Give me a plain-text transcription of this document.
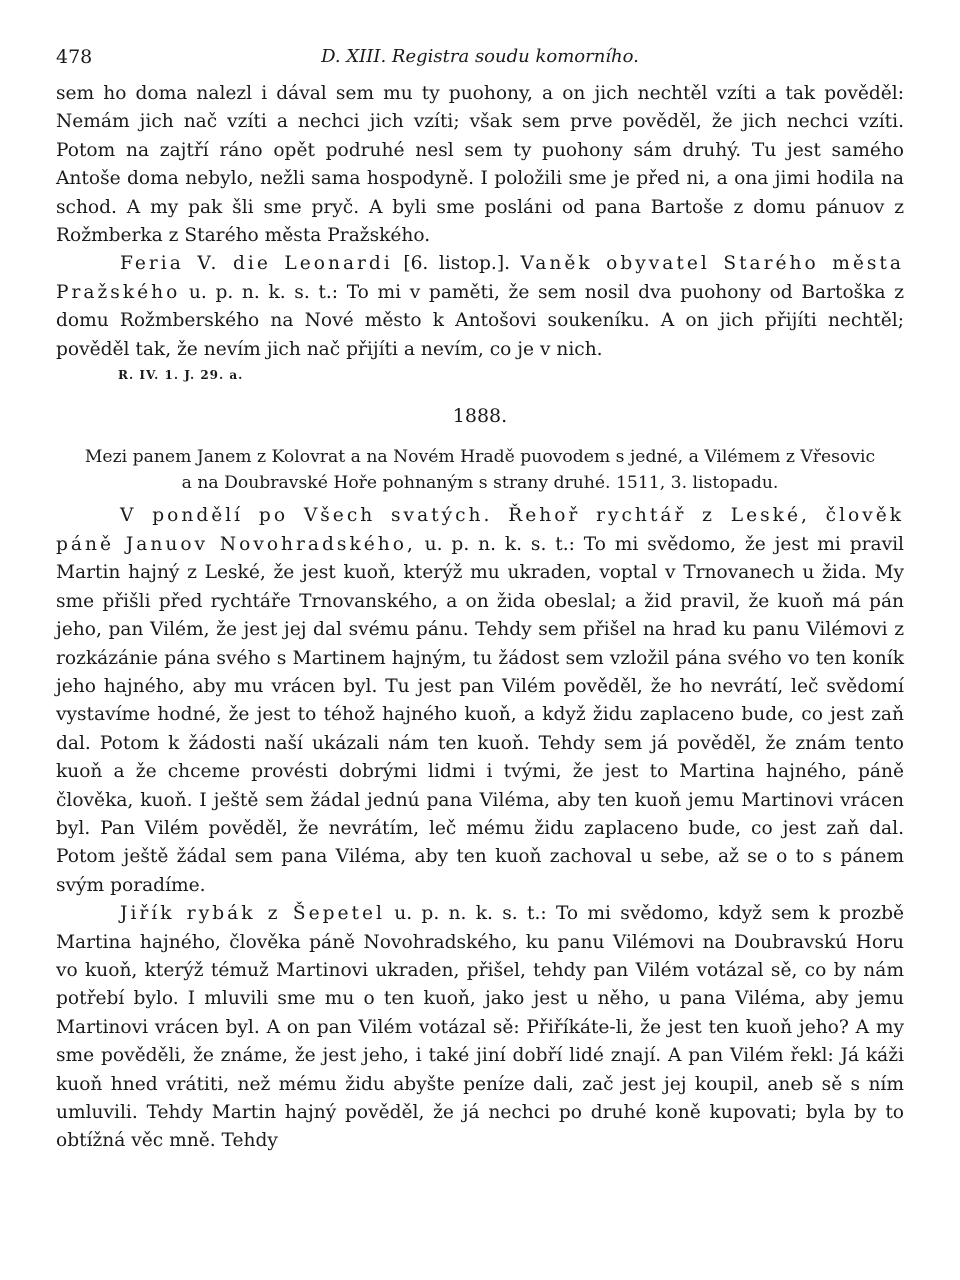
478	D. XIII. Registra soudu komorního.

sem ho doma nalezl i dával sem mu ty puohony, a on jich nechtěl vzíti a tak pověděl: Nemám jich nač vzíti a nechci jich vzíti; však sem prve pověděl, že jich nechci vzíti. Potom na zajtří ráno opět podruhé nesl sem ty puohony sám druhý. Tu jest samého Antoše doma nebylo, nežli sama hospodyně. I položili sme je před ni, a ona jimi hodila na schod. A my pak šli sme pryč. A byli sme posláni od pana Bartoše z domu pánuov z Rožmberka z Starého města Pražského.

Feria V. die Leonardi [6. listop.]. Vaněk obyvatel Starého města Pražského u. p. n. k. s. t.: To mi v paměti, že sem nosil dva puohony od Bartoška z domu Rožmberského na Nové město k Antošovi soukeníku. A on jich přijíti nechtěl; pověděl tak, že nevím jich nač přijíti a nevím, co je v nich.

R. IV. 1. J. 29. a.

1888.
Mezi panem Janem z Kolovrat a na Novém Hradě puovodem s jedné, a Vilémem z Vřesovic
a na Doubravské Hoře pohnaným s strany druhé. 1511, 3. listopadu.

V pondělí po Všech svatých. Řehoř rychtář z Leské, člověk páně Januov Novohradského, u. p. n. k. s. t.: To mi svědomo, že jest mi pravil Martin hajný z Leské, že jest kuoň, kterýž mu ukraden, voptal v Trnovanech u žida. My sme přišli před rychtáře Trnovanského, a on žida obeslal; a žid pravil, že kuoň má pán jeho, pan Vilém, že jest jej dal svému pánu. Tehdy sem přišel na hrad ku panu Vilémovi z rozkázánie pána svého s Martinem hajným, tu žádost sem vzložil pána svého vo ten koník jeho hajného, aby mu vrácen byl. Tu jest pan Vilém pověděl, že ho nevrátí, leč svědomí vystavíme hodné, že jest to téhož hajného kuoň, a když židu zaplaceno bude, co jest zaň dal. Potom k žádosti naší ukázali nám ten kuoň. Tehdy sem já pověděl, že znám tento kuoň a že chceme provésti dobrými lidmi i tvými, že jest to Martina hajného, páně člověka, kuoň. I ještě sem žádal jednú pana Viléma, aby ten kuoň jemu Martinovi vrácen byl. Pan Vilém pověděl, že nevrátím, leč mému židu zaplaceno bude, co jest zaň dal. Potom ještě žádal sem pana Viléma, aby ten kuoň zachoval u sebe, až se o to s pánem svým poradíme.

Jiřík rybák z Šepetel u. p. n. k. s. t.: To mi svědomo, když sem k prozbě Martina hajného, člověka páně Novohradského, ku panu Vilémovi na Doubravskú Horu vo kuoň, kterýž témuž Martinovi ukraden, přišel, tehdy pan Vilém votázal sě, co by nám potřebí bylo. I mluvili sme mu o ten kuoň, jako jest u něho, u pana Viléma, aby jemu Martinovi vrácen byl. A on pan Vilém votázal sě: Přiříkáte-li, že jest ten kuoň jeho? A my sme pověděli, že známe, že jest jeho, i také jiní dobří lidé znají. A pan Vilém řekl: Já káži kuoň hned vrátiti, než mému židu abyšte peníze dali, zač jest jej koupil, aneb sě s ním umluvili. Tehdy Martin hajný pověděl, že já nechci po druhé koně kupovati; byla by to obtížná věc mně. Tehdy
